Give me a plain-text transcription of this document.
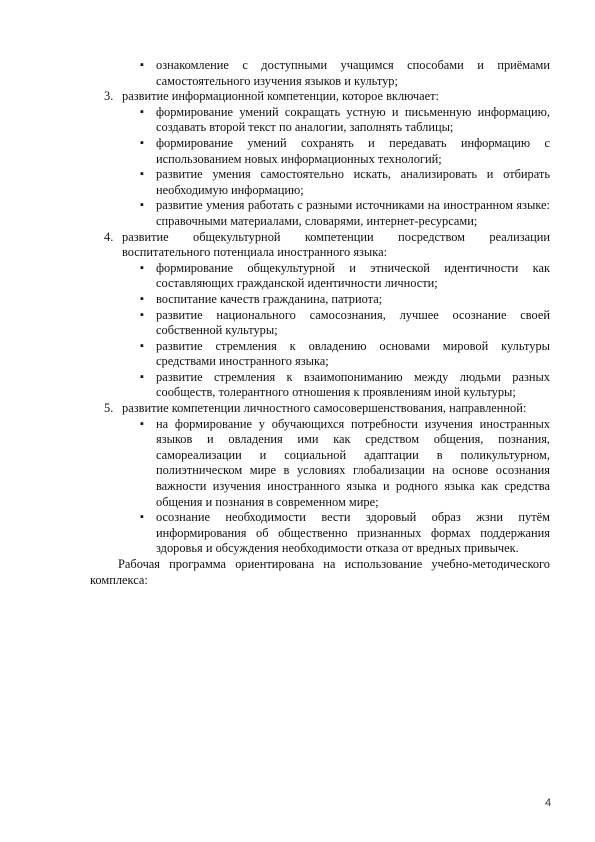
▪ ознакомление с доступными учащимся способами и приёмами самостоятельного изучения языков и культур;
3. развитие информационной компетенции, которое включает:
▪ формирование умений сокращать устную и письменную информацию, создавать второй текст по аналогии, заполнять таблицы;
▪ формирование умений сохранять и передавать информацию с использованием новых информационных технологий;
▪ развитие умения самостоятельно искать, анализировать и отбирать необходимую информацию;
▪ развитие умения работать с разными источниками на иностранном языке: справочными материалами, словарями, интернет-ресурсами;
4. развитие общекультурной компетенции посредством реализации воспитательного потенциала иностранного языка:
▪ формирование общекультурной и этнической идентичности как составляющих гражданской идентичности личности;
▪ воспитание качеств гражданина, патриота;
▪ развитие национального самосознания, лучшее осознание своей собственной культуры;
▪ развитие стремления к овладению основами мировой культуры средствами иностранного языка;
▪ развитие стремления к взаимопониманию между людьми разных сообществ, толерантного отношения к проявлениям иной культуры;
5. развитие компетенции личностного самосовершенствования, направленной:
▪ на формирование у обучающихся потребности изучения иностранных языков и овладения ими как средством общения, познания, самореализации и социальной адаптации в поликультурном, полиэтническом мире в условиях глобализации на основе осознания важности изучения иностранного языка и родного языка как средства общения и познания в современном мире;
▪ осознание необходимости вести здоровый образ жзни путём информирования об общественно признанных формах поддержания здоровья и обсуждения необходимости отказа от вредных привычек.
Рабочая программа ориентирована на использование учебно-методического комплекса:
4
